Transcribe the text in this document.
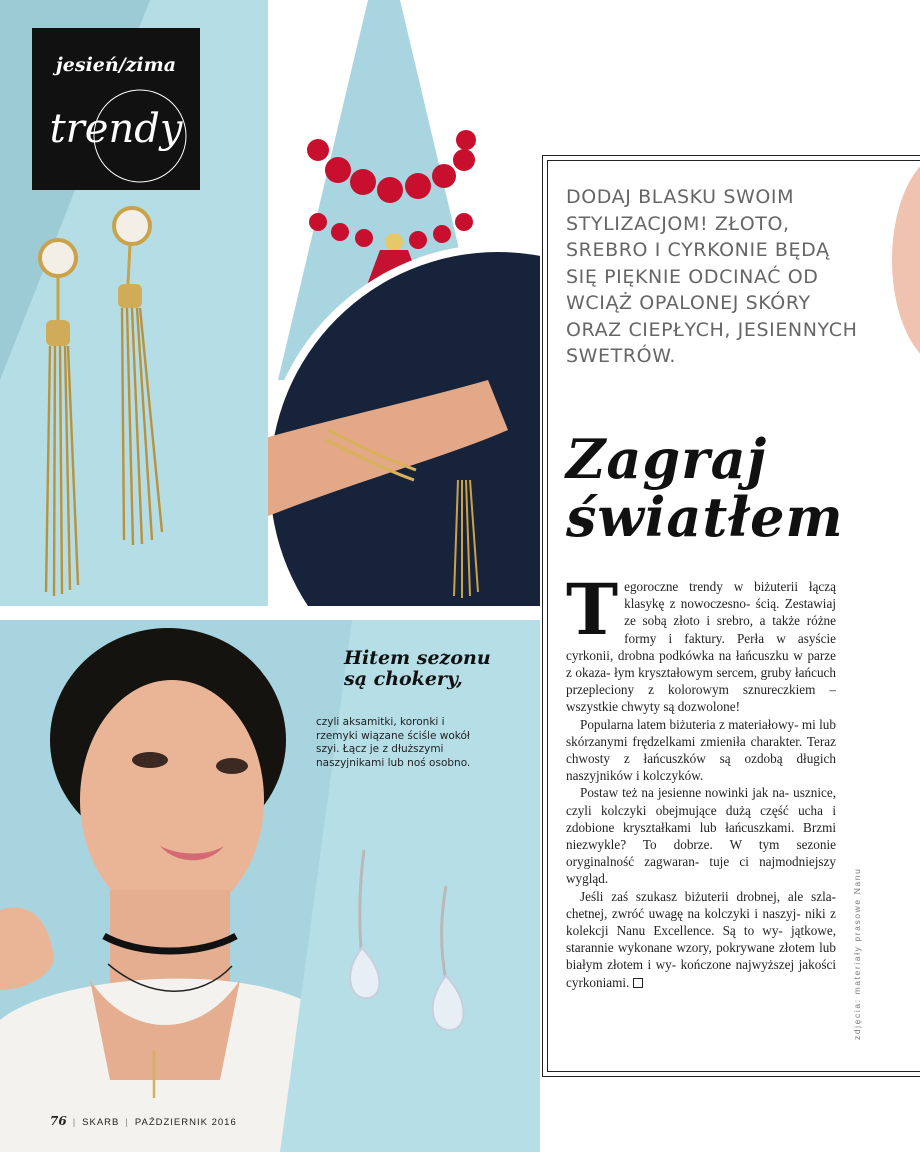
jesień/zima
trendy
DODAJ BLASKU SWOIM STYLIZACJOM! ZŁOTO, SREBRO I CYRKONIE BĘDĄ SIĘ PIĘKNIE ODCINAĆ OD WCIĄŻ OPALONEJ SKÓRY ORAZ CIEPŁYCH, JESIENNYCH SWETRÓW.
Zagraj
światłem

Tegoroczne trendy w biżuterii łączą klasykę z nowoczesno- ścią. Zestawiaj ze sobą złoto i srebro, a także różne formy i faktury. Perła w asyście cyrkonii, drobna podkówka na łańcuszku w parze z okaza- łym kryształowym sercem, gruby łańcuch przepleciony z kolorowym sznureczkiem – wszystkie chwyty są dozwolone!

Popularna latem biżuteria z materiałowy- mi lub skórzanymi frędzelkami zmieniła charakter. Teraz chwosty z łańcuszków są ozdobą długich naszyjników i kolczyków.

Postaw też na jesienne nowinki jak na- usznice, czyli kolczyki obejmujące dużą część ucha i zdobione kryształkami lub łańcuszkami. Brzmi niezwykle? To dobrze. W tym sezonie oryginalność zagwaran- tuje ci najmodniejszy wygląd.

Jeśli zaś szukasz biżuterii drobnej, ale szla- chetnej, zwróć uwagę na kolczyki i naszyj- niki z kolekcji Nanu Excellence. Są to wy- jątkowe, starannie wykonane wzory, pokrywane złotem lub białym złotem i wy- kończone najwyższej jakości cyrkoniami.	zdjęcia: materiały prasowe Nanu
Hitem sezonu są chokery,
czyli aksamitki, koronki i rzemyki wiązane ściśle wokół szyi. Łącz je z dłuższymi naszyjnikami lub noś osobno.
76 | SKARB | PAŹDZIERNIK 2016
